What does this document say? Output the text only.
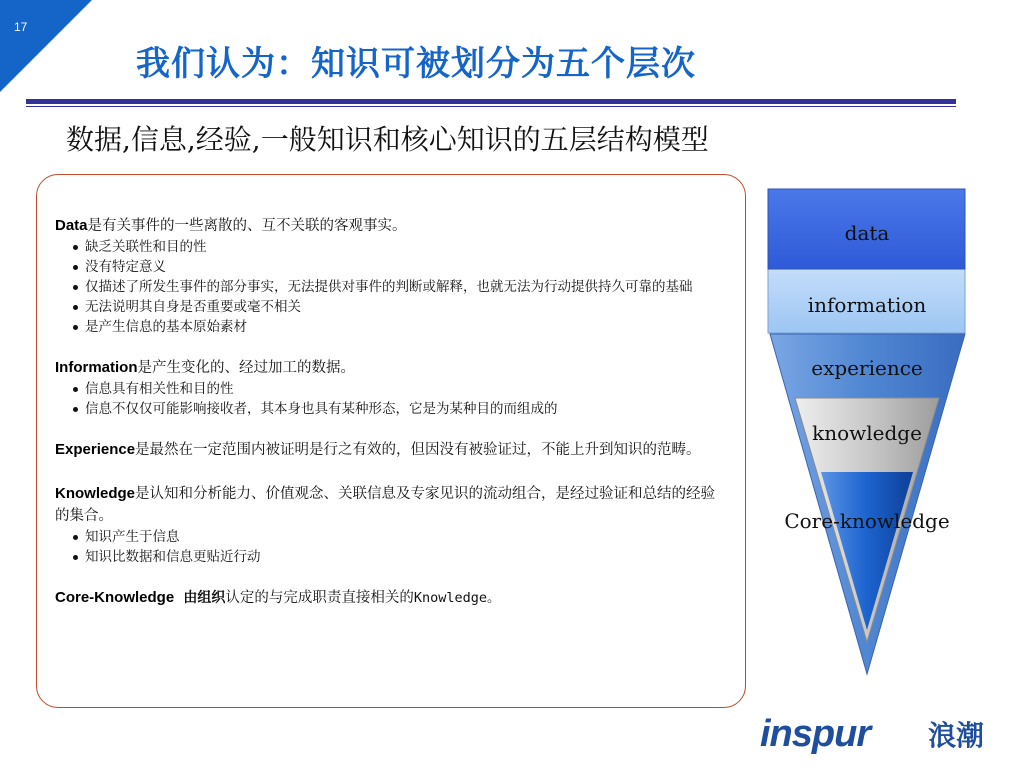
17
我们认为：知识可被划分为五个层次
数据,信息,经验,一般知识和核心知识的五层结构模型
Data是有关事件的一些离散的、互不关联的客观事实。
缺乏关联性和目的性
没有特定意义
仅描述了所发生事件的部分事实，无法提供对事件的判断或解释，也就无法为行动提供持久可靠的基础
无法说明其自身是否重要或毫不相关
是产生信息的基本原始素材
Information是产生变化的、经过加工的数据。
信息具有相关性和目的性
信息不仅仅可能影响接收者，其本身也具有某种形态，它是为某种目的而组成的
Experience是最然在一定范围内被证明是行之有效的，但因没有被验证过，不能上升到知识的范畴。
Knowledge是认知和分析能力、价值观念、关联信息及专家见识的流动组合，是经过验证和总结的经验的集合。
知识产生于信息
知识比数据和信息更贴近行动
Core-Knowledge 由组织认定的与完成职责直接相关的Knowledge。
data
information
experience
knowledge
Core-knowledge
inspur 浪潮
